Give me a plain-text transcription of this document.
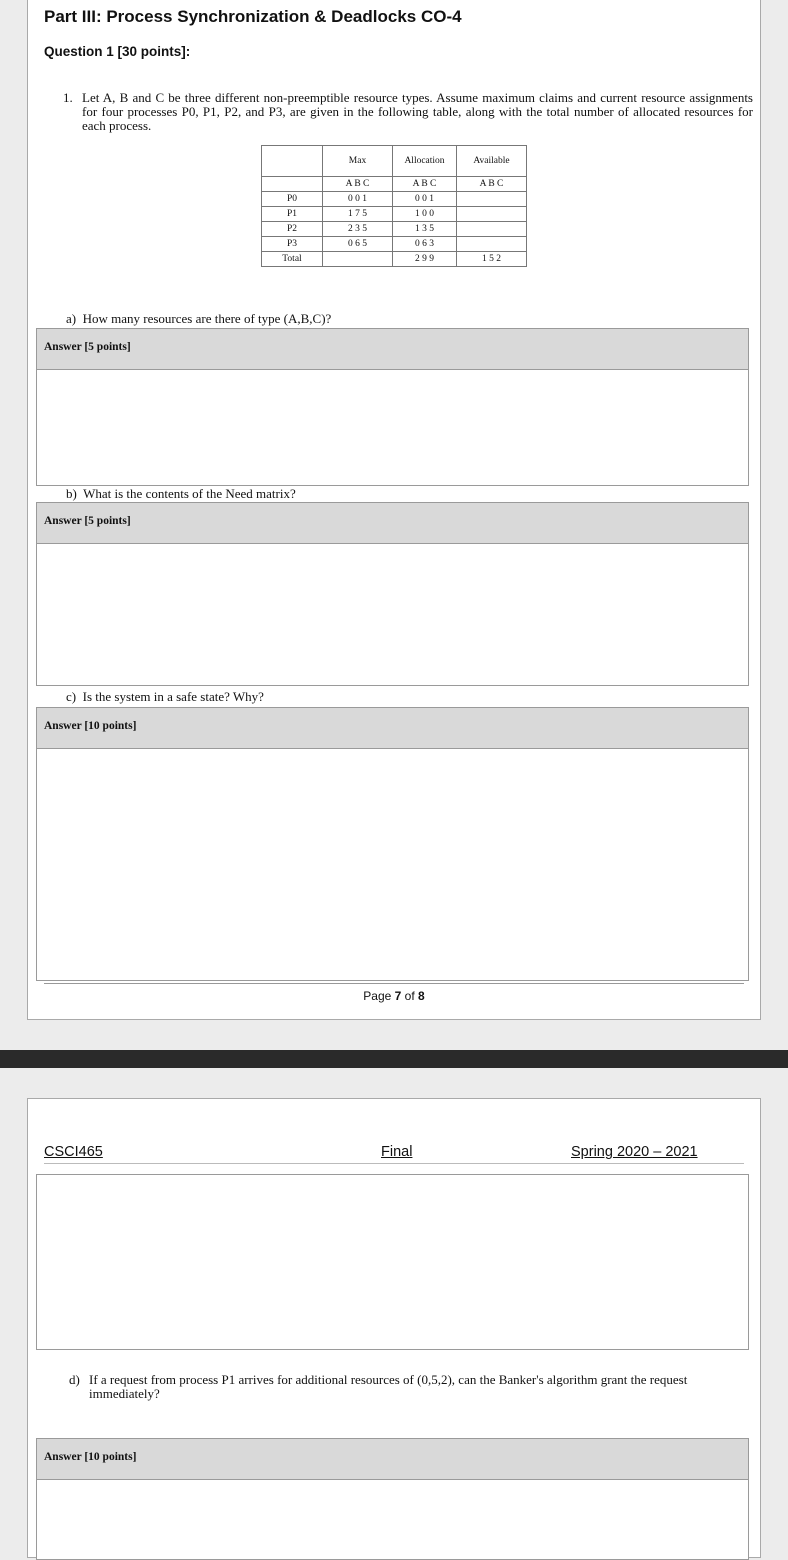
Part III: Process Synchronization & Deadlocks CO-4
Question 1 [30 points]:
1. Let A, B and C be three different non-preemptible resource types. Assume maximum claims and current resource assignments for four processes P0, P1, P2, and P3, are given in the following table, along with the total number of allocated resources for each process.
	Max	Allocation	Available
	A B C	A B C	A B C
P0	0 0 1	0 0 1	
P1	1 7 5	1 0 0	
P2	2 3 5	1 3 5	
P3	0 6 5	0 6 3	
Total		2 9 9	1 5 2
a) How many resources are there of type (A,B,C)?
Answer [5 points]
b) What is the contents of the Need matrix?
Answer [5 points]
c) Is the system in a safe state? Why?
Answer [10 points]
Page 7 of 8
CSCI465	Final	Spring 2020 – 2021
d) If a request from process P1 arrives for additional resources of (0,5,2), can the Banker's algorithm grant the request immediately?
Answer [10 points]
